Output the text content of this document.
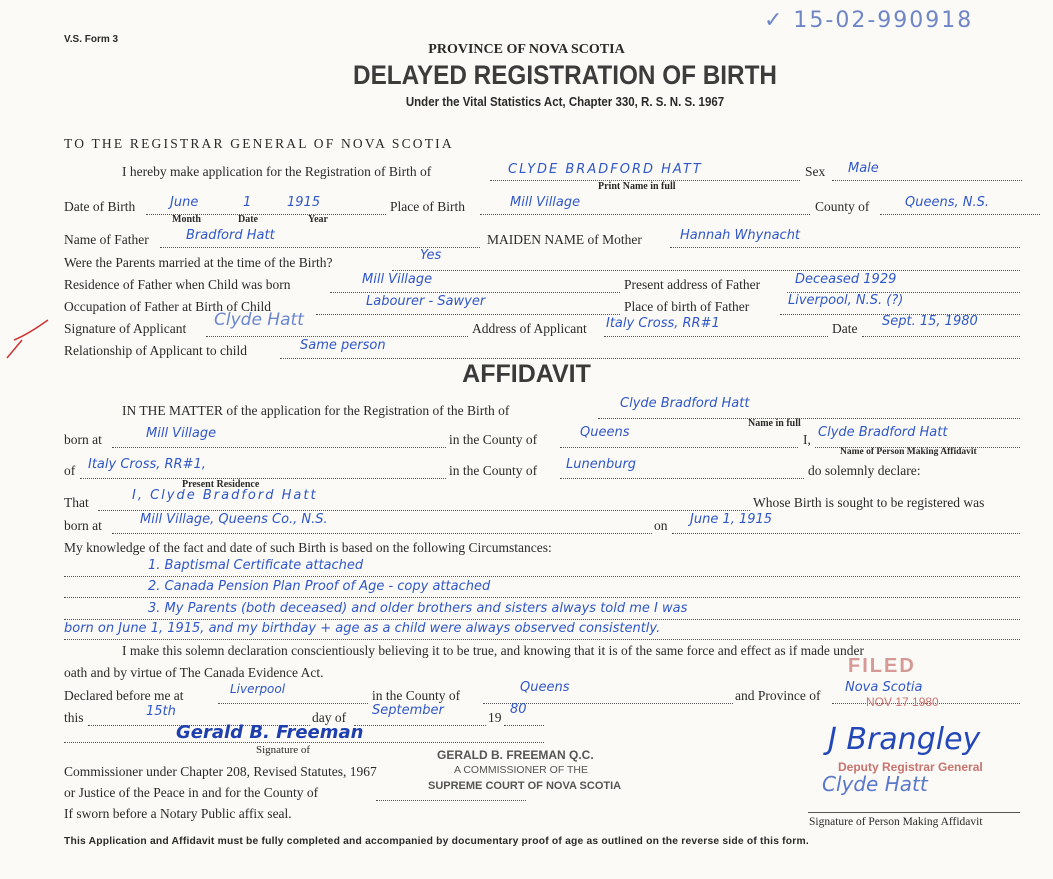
V.S. Form 3
✓ 15-02-990918
PROVINCE OF NOVA SCOTIA
DELAYED REGISTRATION OF BIRTH
Under the Vital Statistics Act, Chapter 330, R. S. N. S. 1967
TO THE REGISTRAR GENERAL OF NOVA SCOTIA
I hereby make application for the Registration of Birth of	CLYDE BRADFORD HATT
Print Name in full
Sex Male
Date of Birth	June	1	1915
Month	Date	Year
Place of Birth	Mill Village	County of	Queens, N.S.
Name of Father	Bradford Hatt	MAIDEN NAME of Mother	Hannah Whynacht
Were the Parents married at the time of the Birth?	Yes
Residence of Father when Child was born	Mill Village	Present address of Father	Deceased 1929
Occupation of Father at Birth of Child	Labourer - Sawyer	Place of birth of Father	Liverpool, N.S. (?)
Signature of Applicant Clyde Hatt	Address of Applicant Italy Cross, RR#1	Date Sept. 15, 1980
Relationship of Applicant to child	Same person
AFFIDAVIT
IN THE MATTER of the application for the Registration of the Birth of	Clyde Bradford Hatt
Name in full
born at	Mill Village	in the County of	Queens	I, Clyde Bradford Hatt
Name of Person Making Affidavit
of Italy Cross, RR#1,
Present Residence
in the County of Lunenburg	do solemnly declare:
That	I, Clyde Bradford Hatt	Whose Birth is sought to be registered was
born at	Mill Village, Queens Co., N.S.	on June 1, 1915
My knowledge of the fact and date of such Birth is based on the following Circumstances:
1. Baptismal Certificate attached
2. Canada Pension Plan Proof of Age - copy attached
3. My Parents (both deceased) and older brothers and sisters always told me I was
born on June 1, 1915, and my birthday + age as a child were always observed consistently.
I make this solemn declaration conscientiously believing it to be true, and knowing that it is of the same force and effect as if made under
oath and by virtue of The Canada Evidence Act.
Declared before me at	Liverpool	in the County of
Queens
and Province of
Nova Scotia
this	15th	day of September	19
80
Gerald B. Freeman
Signature of
Commissioner under Chapter 208, Revised Statutes, 1967
or Justice of the Peace in and for the County of
If sworn before a Notary Public affix seal.
GERALD B. FREEMAN Q.C.
A COMMISSIONER OF THE
SUPREME COURT OF NOVA SCOTIA
FILED
NOV 17 1980
J Brangley
Deputy Registrar General
Clyde Hatt
Signature of Person Making Affidavit
This Application and Affidavit must be fully completed and accompanied by documentary proof of age as outlined on the reverse side of this form.
